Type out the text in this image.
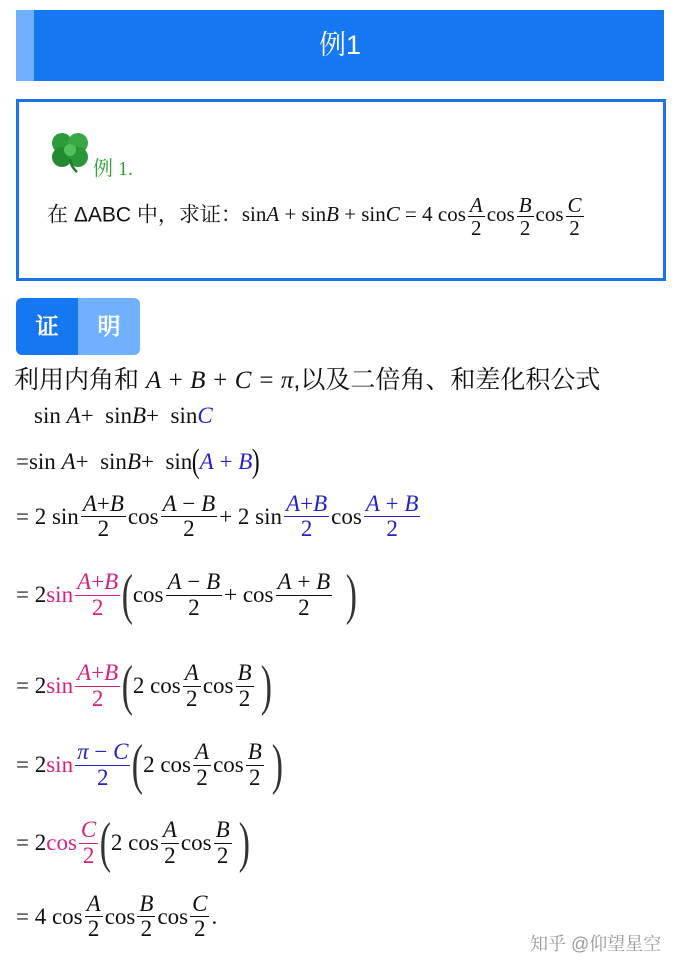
例1
例 1.
在 ΔABC 中，求证：sinA + sinB + sinC = 4 $\cos \frac{A}{2}$ $\cos \frac{B}{2}$ $\cos \frac{C}{2}$
证	明
利用内角和 A + B + C = π,以及二倍角、和差化积公式
sin A +  sin B +  sin C
=sin A +  sin B +  sin ( A
+
B )
= 2 $\sin \frac{A+B}{2}$ $\cos \frac{A - B}{2} + 2$ $\sin \frac{A+B}{2}$ $\cos \frac{A + B}{2}$
= 2 $\sin \frac{A+B}{2}$ ( $\cos \frac{A - B}{2} + \cos \frac{A + B}{2}$
)
= 2 $\sin \frac{A+B}{2}$ ( 2 $\cos \frac{A}{2}$ $\cos \frac{B}{2}$
)
= 2 $\sin \frac{\pi - C}{2}$ ( 2 $\cos \frac{A}{2}$ $\cos \frac{B}{2}$
)
= 2 $\cos \frac{C}{2}$ ( 2 $\cos \frac{A}{2}$ $\cos \frac{B}{2}$
)
= 4 $\cos \frac{A}{2}$ $\cos \frac{B}{2}$ $\cos \frac{C}{2}$ .
知乎 @仰望星空
